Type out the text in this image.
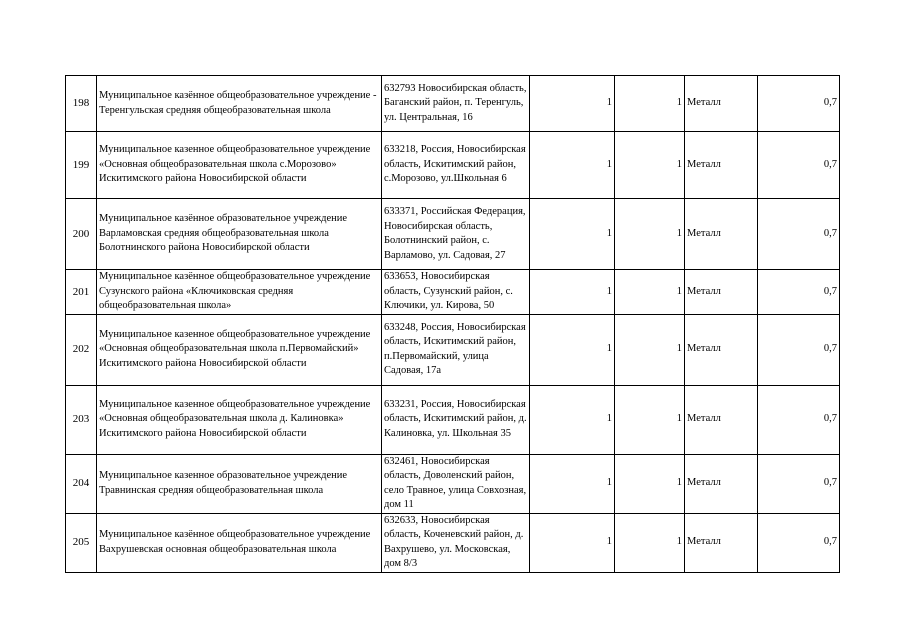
198	Муниципальное казённое общеобразовательное учреждение - Теренгульская средняя общеобразовательная школа	632793 Новосибирская область, Баганский район, п. Теренгуль, ул. Центральная, 16	1	1	Металл	0,7
199	Муниципальное казенное общеобразовательное учреждение «Основная общеобразовательная школа с.Морозово» Искитимского района Новосибирской области	633218, Россия, Новосибирская область, Искитимский район, с.Морозово, ул.Школьная 6	1	1	Металл	0,7
200	Муниципальное казённое образовательное учреждение Варламовская средняя общеобразовательная школа Болотнинского района Новосибирской области	633371, Российская Федерация, Новосибирская область, Болотнинский район, с. Варламово, ул. Садовая, 27	1	1	Металл	0,7
201	Муниципальное казённое общеобразовательное учреждение Сузунского района «Ключиковская средняя общеобразовательная школа»	633653, Новосибирская область, Сузунский район, с. Ключики, ул. Кирова, 50	1	1	Металл	0,7
202	Муниципальное казенное общеобразовательное учреждение «Основная общеобразовательная школа п.Первомайский» Искитимского района Новосибирской области	633248, Россия, Новосибирская область, Искитимский район, п.Первомайский, улица Садовая, 17а	1	1	Металл	0,7
203	Муниципальное казенное общеобразовательное учреждение «Основная общеобразовательная школа д. Калиновка» Искитимского района Новосибирской области	633231, Россия, Новосибирская область, Искитимский район, д. Калиновка, ул. Школьная 35	1	1	Металл	0,7
204	Муниципальное казенное образовательное учреждение Травнинская средняя общеобразовательная школа	632461, Новосибирская область, Доволенский район, село Травное, улица Совхозная, дом 11	1	1	Металл	0,7
205	Муниципальное казённое общеобразовательное учреждение Вахрушевская основная общеобразовательная школа	632633, Новосибирская область, Коченевский район, д. Вахрушево, ул. Московская, дом 8/3	1	1	Металл	0,7
